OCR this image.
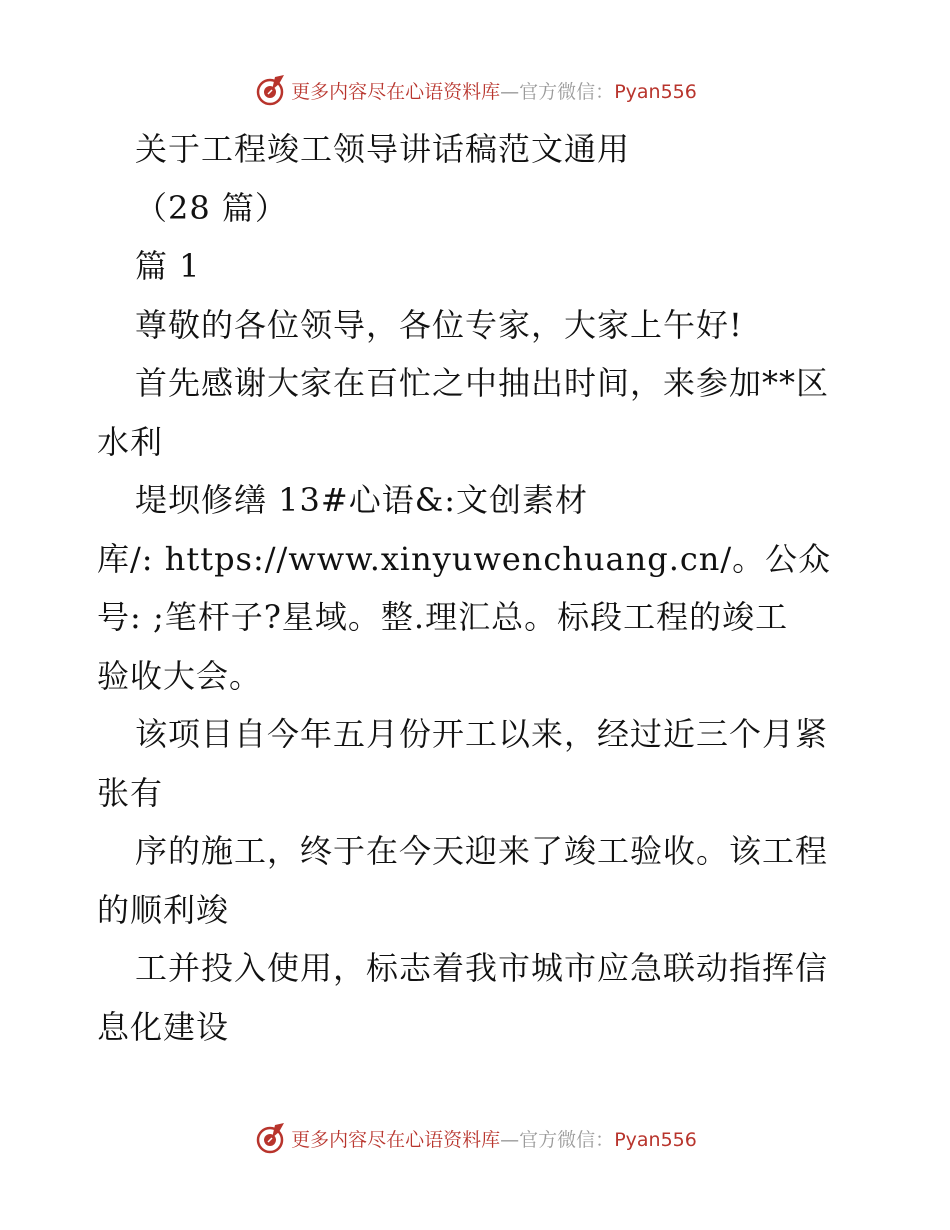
更多内容尽在心语资料库—官方微信：Pyan556
关于工程竣工领导讲话稿范文通用
（28 篇）
篇 1
尊敬的各位领导，各位专家，大家上午好!
首先感谢大家在百忙之中抽出时间，来参加**区
水利
堤坝修缮 13#心语&:文创素材
库/: https://www.xinyuwenchuang.cn/。公众
号: ;笔杆子?星域。整.理汇总。标段工程的竣工
验收大会。
该项目自今年五月份开工以来，经过近三个月紧
张有
序的施工，终于在今天迎来了竣工验收。该工程
的顺利竣
工并投入使用，标志着我市城市应急联动指挥信
息化建设
更多内容尽在心语资料库—官方微信：Pyan556
